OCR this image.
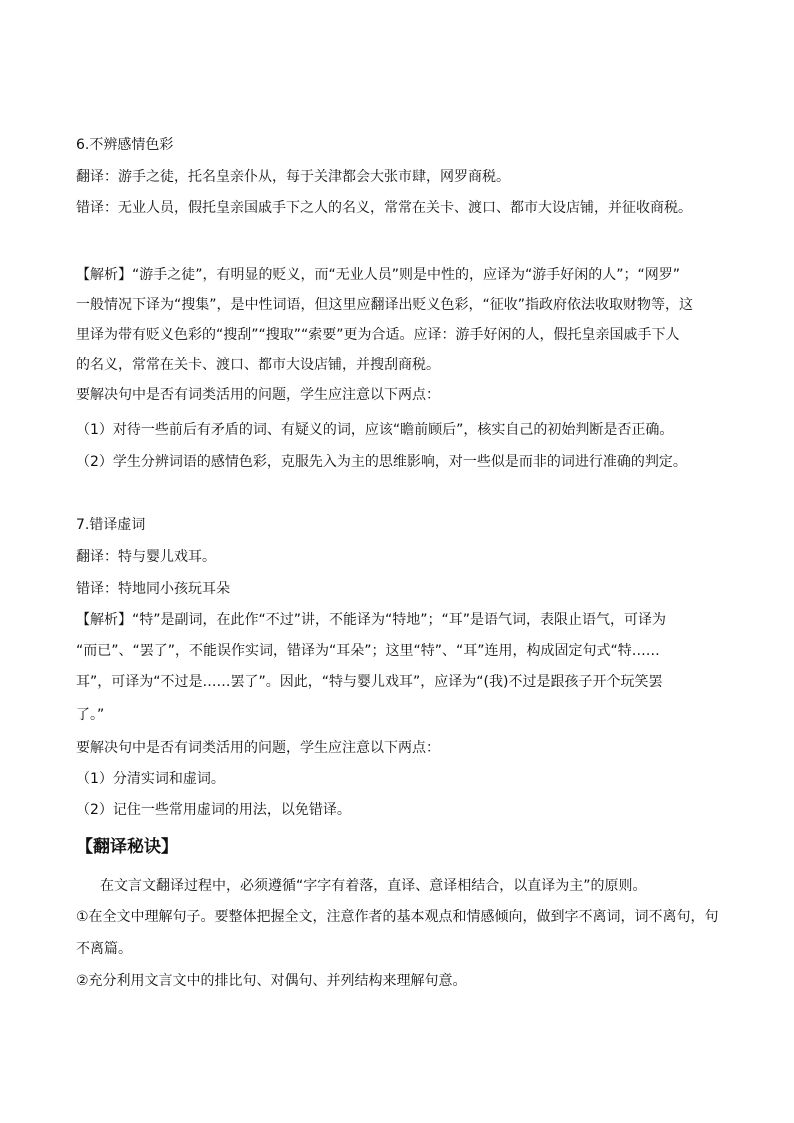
6.不辨感情色彩
翻译：游手之徒，托名皇亲仆从，每于关津都会大张市肆，网罗商税。
错译：无业人员，假托皇亲国戚手下之人的名义，常常在关卡、渡口、都市大设店铺，并征收商税。
【解析】“游手之徒”，有明显的贬义，而“无业人员”则是中性的，应译为“游手好闲的人”；“网罗”
一般情况下译为“搜集”，是中性词语，但这里应翻译出贬义色彩，“征收”指政府依法收取财物等，这
里译为带有贬义色彩的“搜刮”“搜取”“索要”更为合适。应译：游手好闲的人，假托皇亲国戚手下人
的名义，常常在关卡、渡口、都市大设店铺，并搜刮商税。
要解决句中是否有词类活用的问题，学生应注意以下两点：
（1）对待一些前后有矛盾的词、有疑义的词，应该“瞻前顾后”，核实自己的初始判断是否正确。
（2）学生分辨词语的感情色彩，克服先入为主的思维影响，对一些似是而非的词进行准确的判定。
7.错译虚词
翻译：特与婴儿戏耳。
错译：特地同小孩玩耳朵
【解析】“特”是副词，在此作“不过”讲，不能译为“特地”；“耳”是语气词，表限止语气，可译为
“而已”、“罢了”，不能误作实词，错译为“耳朵”；这里“特”、“耳”连用，构成固定句式“特……
耳”，可译为“不过是……罢了”。因此，“特与婴儿戏耳”，应译为“(我)不过是跟孩子开个玩笑罢
了。”
要解决句中是否有词类活用的问题，学生应注意以下两点：
（1）分清实词和虚词。
（2）记住一些常用虚词的用法，以免错译。
【翻译秘诀】
在文言文翻译过程中，必须遵循“字字有着落，直译、意译相结合，以直译为主”的原则。
①在全文中理解句子。要整体把握全文，注意作者的基本观点和情感倾向，做到字不离词，词不离句，句
不离篇。
②充分利用文言文中的排比句、对偶句、并列结构来理解句意。
